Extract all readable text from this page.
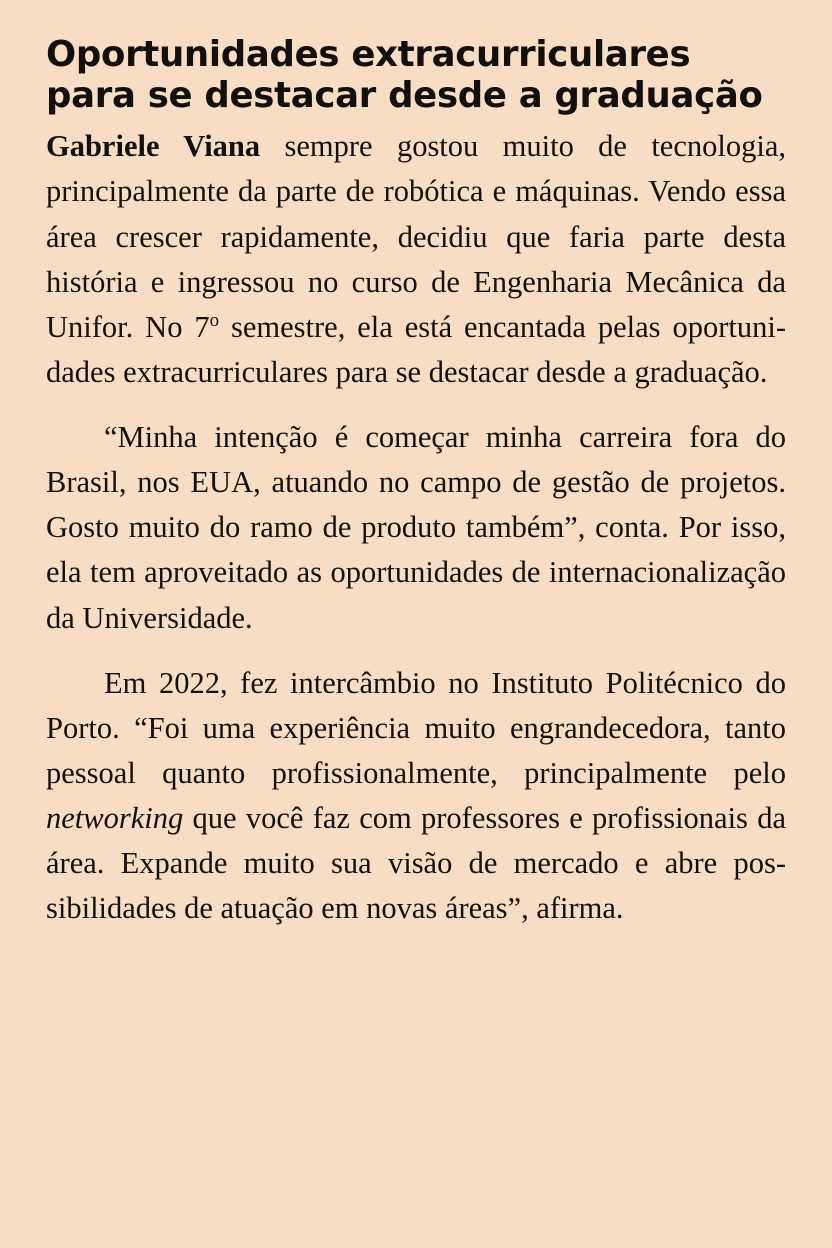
Oportunidades extracurriculares para se destacar desde a graduação

Gabriele Viana sempre gostou muito de tecnologia, principalmente da parte de robótica e máquinas. Vendo essa área crescer rapidamente, decidiu que faria parte desta história e ingressou no curso de Engenharia Mecânica da Unifor. No 7$^o$ semestre, ela está encantada pelas oportunidades extracurriculares para se destacar desde a graduação.

“Minha intenção é começar minha carreira fora do Brasil, nos EUA, atuando no campo de gestão de projetos. Gosto muito do ramo de produto também”, conta. Por isso, ela tem aproveitado as oportunidades de internacionalização da Universidade.

Em 2022, fez intercâmbio no Instituto Politécnico do Porto. “Foi uma experiência muito engrandecedora, tanto pessoal quanto profissionalmente, principalmente pelo networking que você faz com professores e profissionais da área. Expande muito sua visão de mercado e abre possibilidades de atuação em novas áreas”, afirma.
